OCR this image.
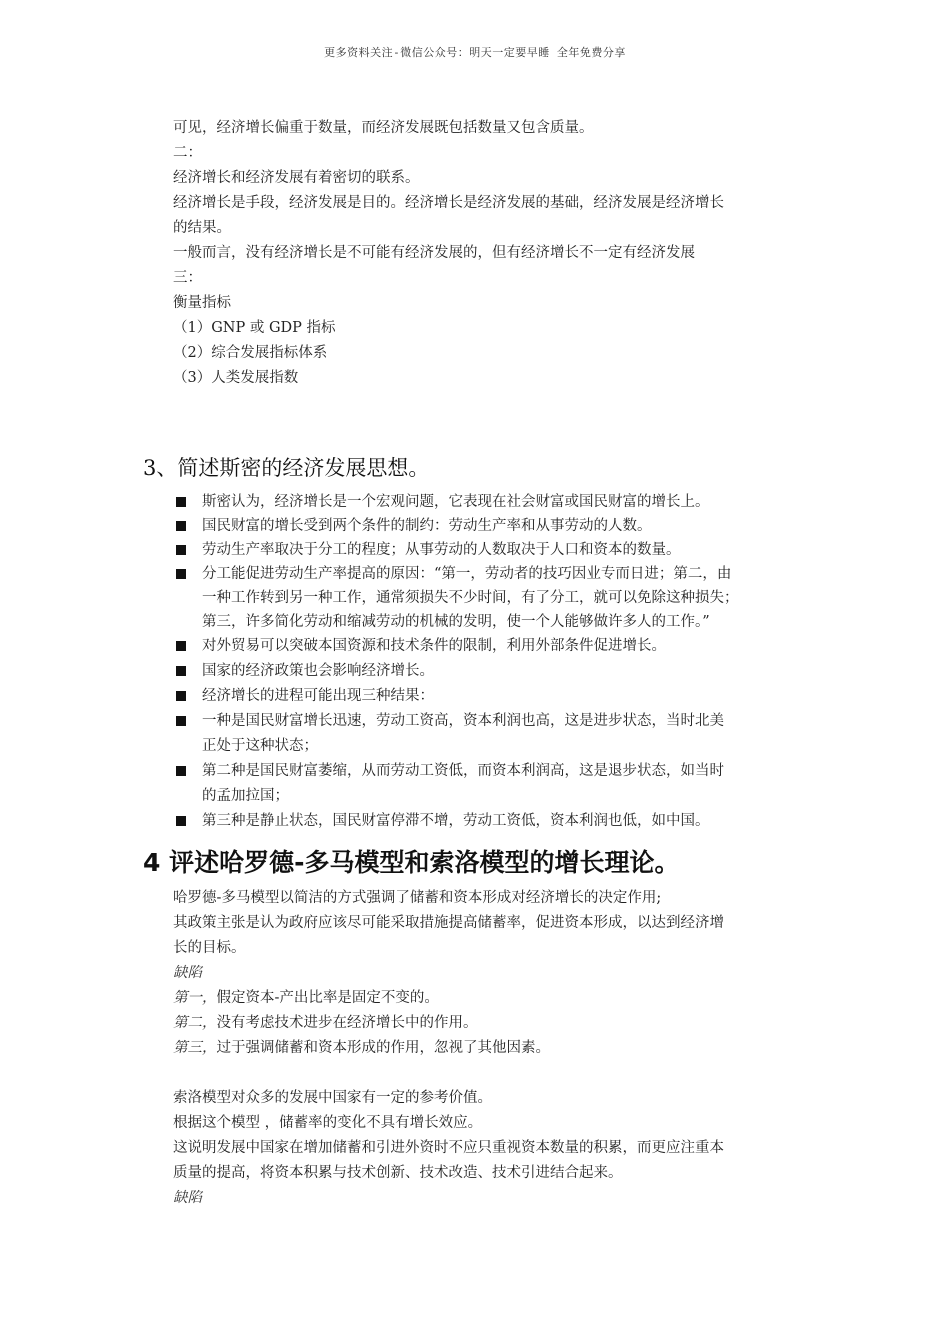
更多资料关注-微信公众号：明天一定要早睡 全年免费分享
可见，经济增长偏重于数量，而经济发展既包括数量又包含质量。
二：
经济增长和经济发展有着密切的联系。
经济增长是手段，经济发展是目的。经济增长是经济发展的基础，经济发展是经济增长
的结果。
一般而言，没有经济增长是不可能有经济发展的，但有经济增长不一定有经济发展
三：
衡量指标
（1）GNP 或 GDP 指标
（2）综合发展指标体系
（3）人类发展指数
3、简述斯密的经济发展思想。
斯密认为，经济增长是一个宏观问题，它表现在社会财富或国民财富的增长上。
国民财富的增长受到两个条件的制约：劳动生产率和从事劳动的人数。
劳动生产率取决于分工的程度；从事劳动的人数取决于人口和资本的数量。
分工能促进劳动生产率提高的原因：“第一，劳动者的技巧因业专而日进；第二，由
一种工作转到另一种工作，通常须损失不少时间，有了分工，就可以免除这种损失；
第三，许多简化劳动和缩减劳动的机械的发明，使一个人能够做许多人的工作。”
对外贸易可以突破本国资源和技术条件的限制，利用外部条件促进增长。
国家的经济政策也会影响经济增长。
经济增长的进程可能出现三种结果：
一种是国民财富增长迅速，劳动工资高，资本利润也高，这是进步状态，当时北美
正处于这种状态；
第二种是国民财富萎缩，从而劳动工资低，而资本利润高，这是退步状态，如当时
的孟加拉国；
第三种是静止状态，国民财富停滞不增，劳动工资低，资本利润也低，如中国。
4 评述哈罗德-多马模型和索洛模型的增长理论。
哈罗德-多马模型以简洁的方式强调了储蓄和资本形成对经济增长的决定作用;
其政策主张是认为政府应该尽可能采取措施提高储蓄率，促进资本形成，以达到经济增
长的目标。
缺陷
第一，假定资本-产出比率是固定不变的。
第二，没有考虑技术进步在经济增长中的作用。
第三，过于强调储蓄和资本形成的作用，忽视了其他因素。
索洛模型对众多的发展中国家有一定的参考价值。
根据这个模型 ，储蓄率的变化不具有增长效应。
这说明发展中国家在增加储蓄和引进外资时不应只重视资本数量的积累，而更应注重本
质量的提高，将资本积累与技术创新、技术改造、技术引进结合起来。
缺陷
